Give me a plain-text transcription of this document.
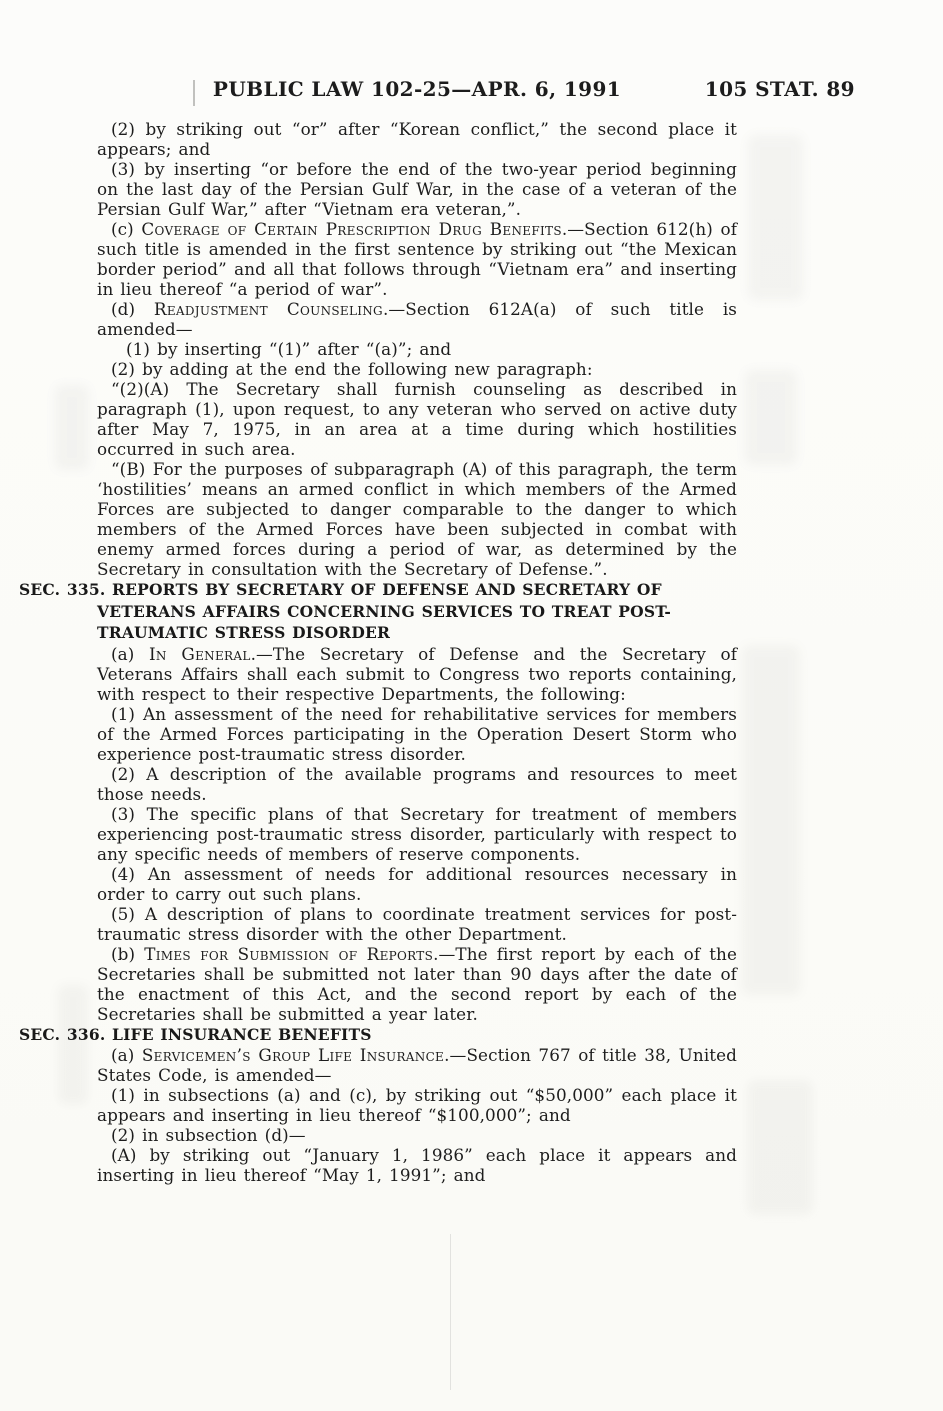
PUBLIC LAW 102-25—APR. 6, 1991	105 STAT. 89

(2) by striking out “or” after “Korean conflict,” the second place it appears; and

(3) by inserting “or before the end of the two-year period beginning on the last day of the Persian Gulf War, in the case of a veteran of the Persian Gulf War,” after “Vietnam era veteran,”.

(c) Coverage of Certain Prescription Drug Benefits.—Section 612(h) of such title is amended in the first sentence by striking out “the Mexican border period” and all that follows through “Vietnam era” and inserting in lieu thereof “a period of war”.

(d) Readjustment Counseling.—Section 612A(a) of such title is amended—

(1) by inserting “(1)” after “(a)”; and

(2) by adding at the end the following new paragraph:

“(2)(A) The Secretary shall furnish counseling as described in paragraph (1), upon request, to any veteran who served on active duty after May 7, 1975, in an area at a time during which hostilities occurred in such area.

“(B) For the purposes of subparagraph (A) of this paragraph, the term ‘hostilities’ means an armed conflict in which members of the Armed Forces are subjected to danger comparable to the danger to which members of the Armed Forces have been subjected in combat with enemy armed forces during a period of war, as determined by the Secretary in consultation with the Secretary of Defense.”.

SEC. 335. REPORTS BY SECRETARY OF DEFENSE AND SECRETARY OF
VETERANS AFFAIRS CONCERNING SERVICES TO TREAT POST-
TRAUMATIC STRESS DISORDER

(a) In General.—The Secretary of Defense and the Secretary of Veterans Affairs shall each submit to Congress two reports containing, with respect to their respective Departments, the following:

(1) An assessment of the need for rehabilitative services for members of the Armed Forces participating in the Operation Desert Storm who experience post-traumatic stress disorder.

(2) A description of the available programs and resources to meet those needs.

(3) The specific plans of that Secretary for treatment of members experiencing post-traumatic stress disorder, particularly with respect to any specific needs of members of reserve components.

(4) An assessment of needs for additional resources necessary in order to carry out such plans.

(5) A description of plans to coordinate treatment services for post-traumatic stress disorder with the other Department.

(b) Times for Submission of Reports.—The first report by each of the Secretaries shall be submitted not later than 90 days after the date of the enactment of this Act, and the second report by each of the Secretaries shall be submitted a year later.

SEC. 336. LIFE INSURANCE BENEFITS

(a) Servicemen’s Group Life Insurance.—Section 767 of title 38, United States Code, is amended—

(1) in subsections (a) and (c), by striking out “$50,000” each place it appears and inserting in lieu thereof “$100,000”; and

(2) in subsection (d)—

(A) by striking out “January 1, 1986” each place it appears and inserting in lieu thereof “May 1, 1991”; and
